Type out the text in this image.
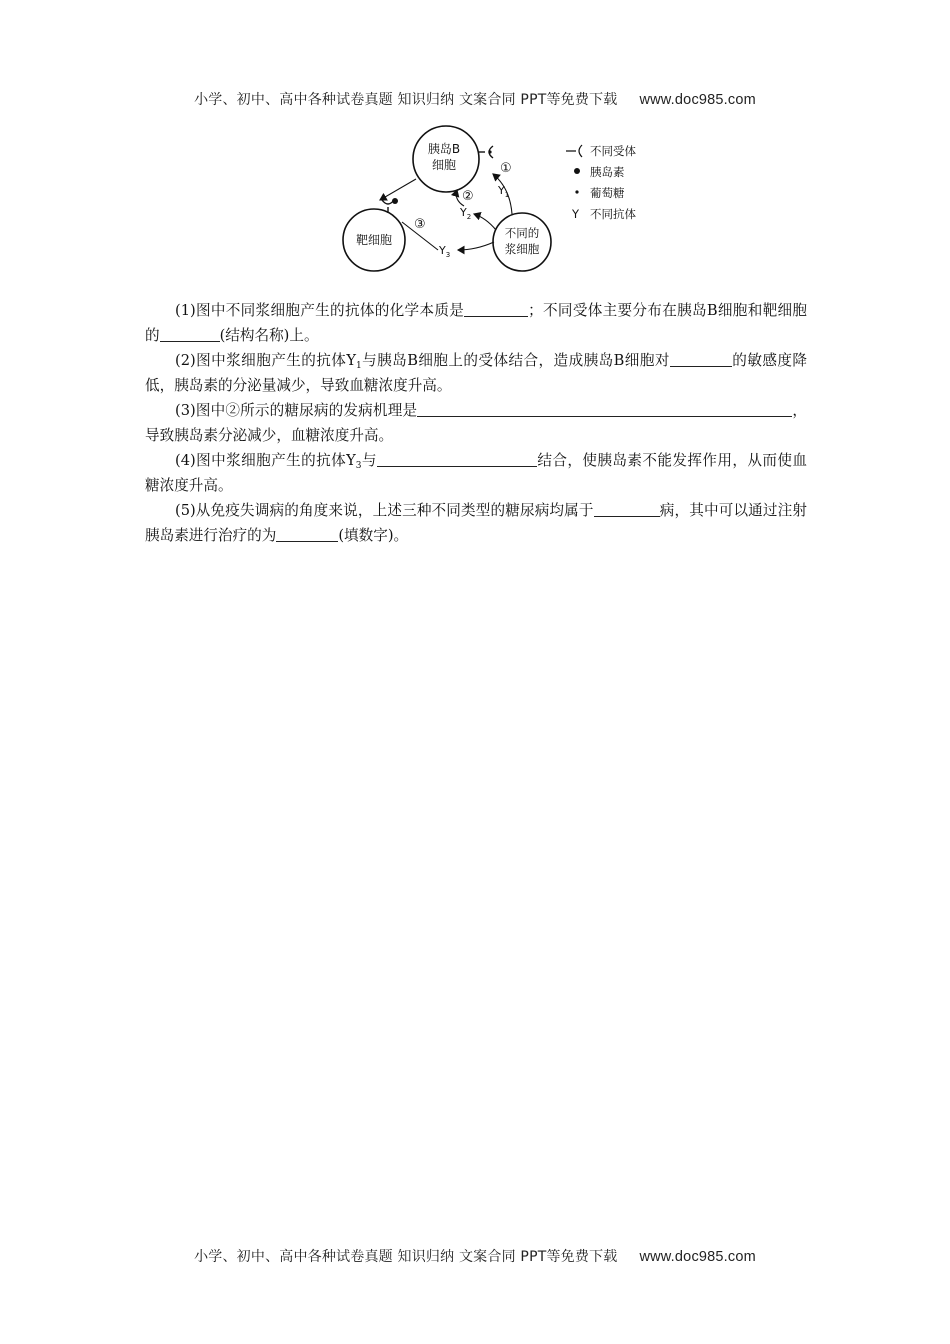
小学、初中、高中各种试卷真题 知识归纳 文案合同 PPT等免费下载 www.doc985.com
胰岛B
细胞
靶细胞	不同的
浆细胞
①
③
$Y_1$
②
$Y_2$
$Y_3$
不同受体
胰岛素
葡萄糖
Y 不同抗体

(1)图中不同浆细胞产生的抗体的化学本质是	；不同受体主要分布在胰岛B细胞和靶细胞的	(结构名称)上。

(2)图中浆细胞产生的抗体$Y_1$与胰岛B细胞上的受体结合，造成胰岛B细胞对	的敏感度降低，胰岛素的分泌量减少，导致血糖浓度升高。

(3)图中②所示的糖尿病的发病机理是	，导致胰岛素分泌减少，血糖浓度升高。

(4)图中浆细胞产生的抗体$Y_3$与	结合，使胰岛素不能发挥作用，从而使血糖浓度升高。

(5)从免疫失调病的角度来说，上述三种不同类型的糖尿病均属于	病，其中可以通过注射胰岛素进行治疗的为	(填数字)。

小学、初中、高中各种试卷真题 知识归纳 文案合同 PPT等免费下载 www.doc985.com
